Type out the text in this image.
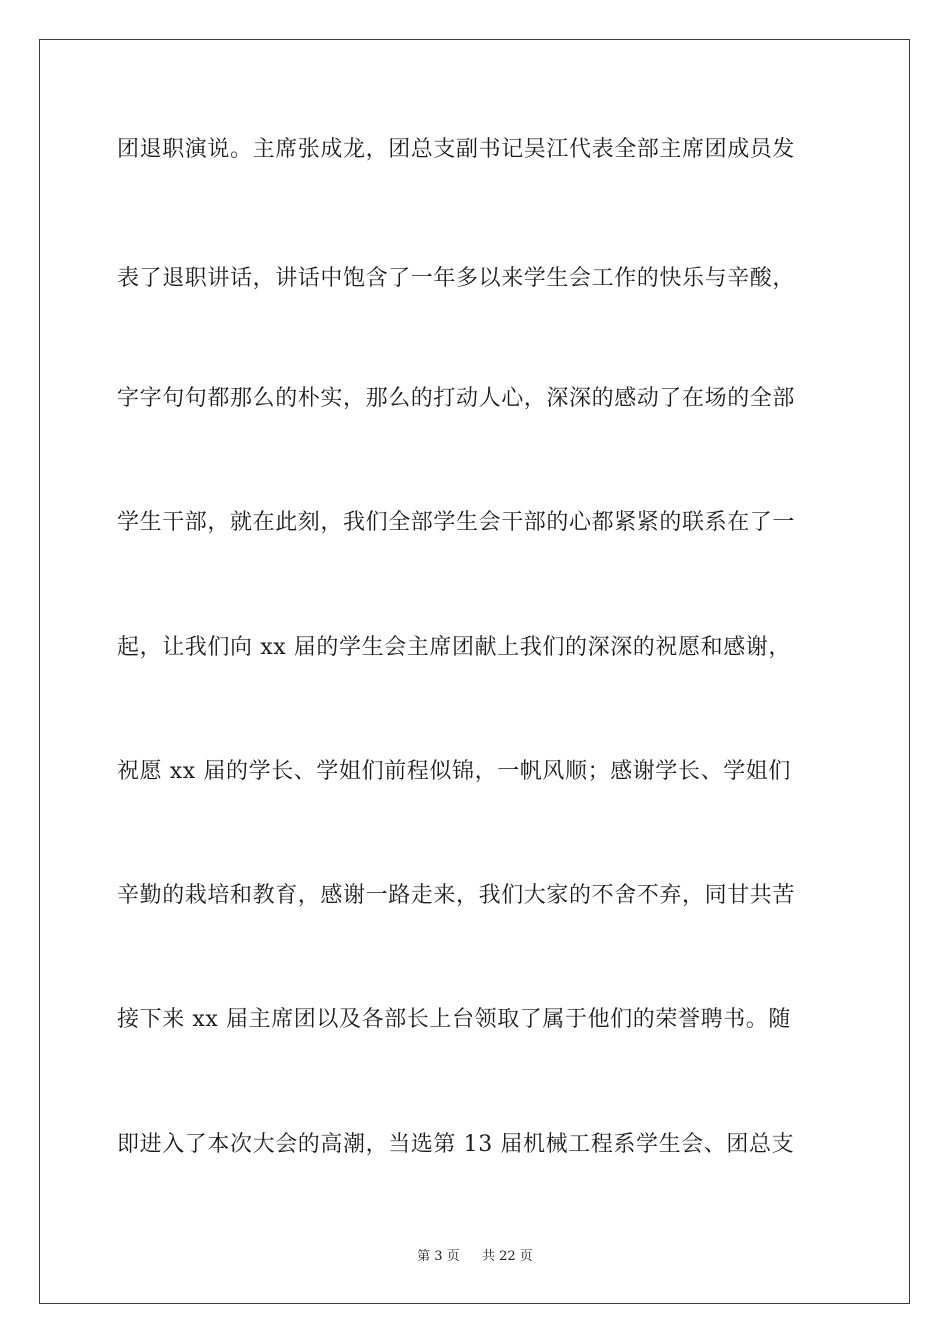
团退职演说。主席张成龙，团总支副书记吴江代表全部主席团成员发
表了退职讲话，讲话中饱含了一年多以来学生会工作的快乐与辛酸，
字字句句都那么的朴实，那么的打动人心，深深的感动了在场的全部
学生干部，就在此刻，我们全部学生会干部的心都紧紧的联系在了一
起，让我们向 xx 届的学生会主席团献上我们的深深的祝愿和感谢，
祝愿 xx 届的学长、学姐们前程似锦，一帆风顺；感谢学长、学姐们
辛勤的栽培和教育，感谢一路走来，我们大家的不舍不弃，同甘共苦
接下来 xx 届主席团以及各部长上台领取了属于他们的荣誉聘书。随
即进入了本次大会的高潮，当选第 13 届机械工程系学生会、团总支
第 3 页 共 22 页
